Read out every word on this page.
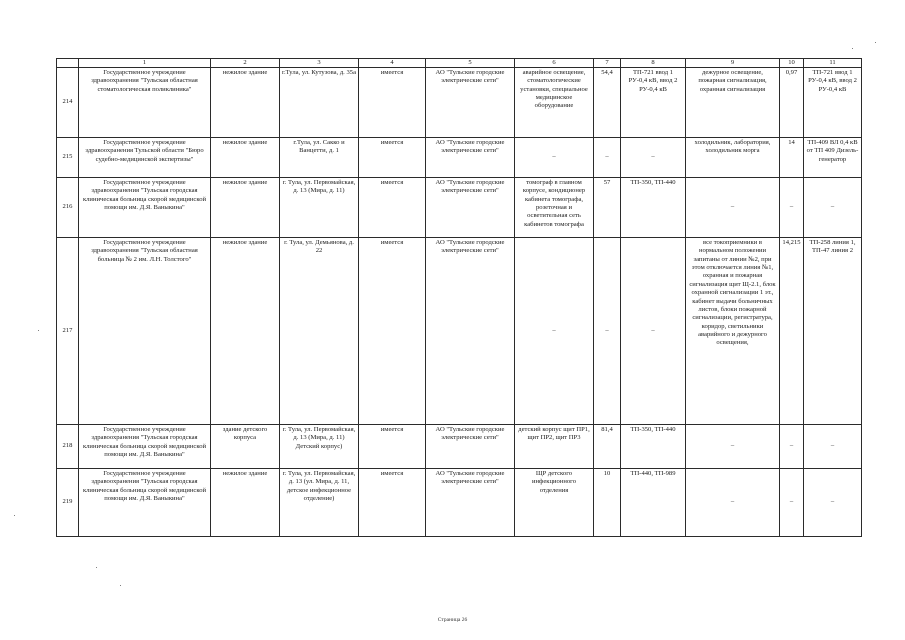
	1	2	3	4	5	6	7	8	9	10	11
214	Государственное учреждение здравоохранения "Тульская областная стоматологическая поликлиника"	нежилое здание	г.Тула, ул. Кутузова, д. 35а	имеется	АО "Тульские городские электрические сети"	аварийное освещение, стоматологические установки, специальное медицинское оборудование	54,4	ТП-721 ввод 1 РУ-0,4 кВ, ввод 2 РУ-0,4 кВ	дежурное освещение, пожарная сигнализация, охранная сигнализация	0,97	ТП-721 ввод 1 РУ-0,4 кВ, ввод 2 РУ-0,4 кВ
215	Государственное учреждение здравоохранения Тульской области "Бюро судебно-медицинской экспертизы"	нежилое здание	г.Тула, ул. Сакко и Ванцетти, д. 1	имеется	АО "Тульские городские электрические сети"	–	–	–	холодильник, лаборатория, холодильник морга	14	ТП-409 ВЛ 0,4 кВ от ТП 409 Дизель-генератор
216	Государственное учреждение здравоохранения "Тульская городская клиническая больница скорой медицинской помощи им. Д.Я. Ваныкина"	нежилое здание	г. Тула, ул. Первомайская, д. 13 (Мира, д. 11)	имеется	АО "Тульские городские электрические сети"	томограф в главном корпусе, кондиционер кабинета томографа, розеточная и осветительная сеть кабинетов томографа	57	ТП-350, ТП-440	–	–	–
217	Государственное учреждение здравоохранения "Тульская областная больница № 2 им. Л.Н. Толстого"	нежилое здание	г. Тула, ул. Демьянова, д. 22	имеется	АО "Тульские городские электрические сети"	–	–	–	все токоприемники в нормальном положении запитаны от линии №2, при этом отключается линия №1, охранная и пожарная сигнализация щит Щ-2.1, блок охранной сигнализации 1 эт., кабинет выдачи больничных листов, блоки пожарной сигнализации, регистратура, коридор, светильники аварийного и дежурного освещения,	14,215	ТП-258 линия 1, ТП-47 линия 2
218	Государственное учреждение здравоохранения "Тульская городская клиническая больница скорой медицинской помощи им. Д.Я. Ваныкина"	здание детского корпуса	г. Тула, ул. Первомайская, д. 13 (Мира, д. 11) Детский корпус)	имеется	АО "Тульские городские электрические сети"	детский корпус щит ПР1, щит ПР2, щит ПР3	81,4	ТП-350, ТП-440	–	–	–
219	Государственное учреждение здравоохранения "Тульская городская клиническая больница скорой медицинской помощи им. Д.Я. Ваныкина"	нежилое здание	г. Тула, ул. Первомайская, д. 13 (ул. Мира, д. 11, детское инфекционное отделение)	имеется	АО "Тульские городские электрические сети"	ЩР детского инфекционного отделения	10	ТП-440, ТП-989	–	–	–
Страница 26
